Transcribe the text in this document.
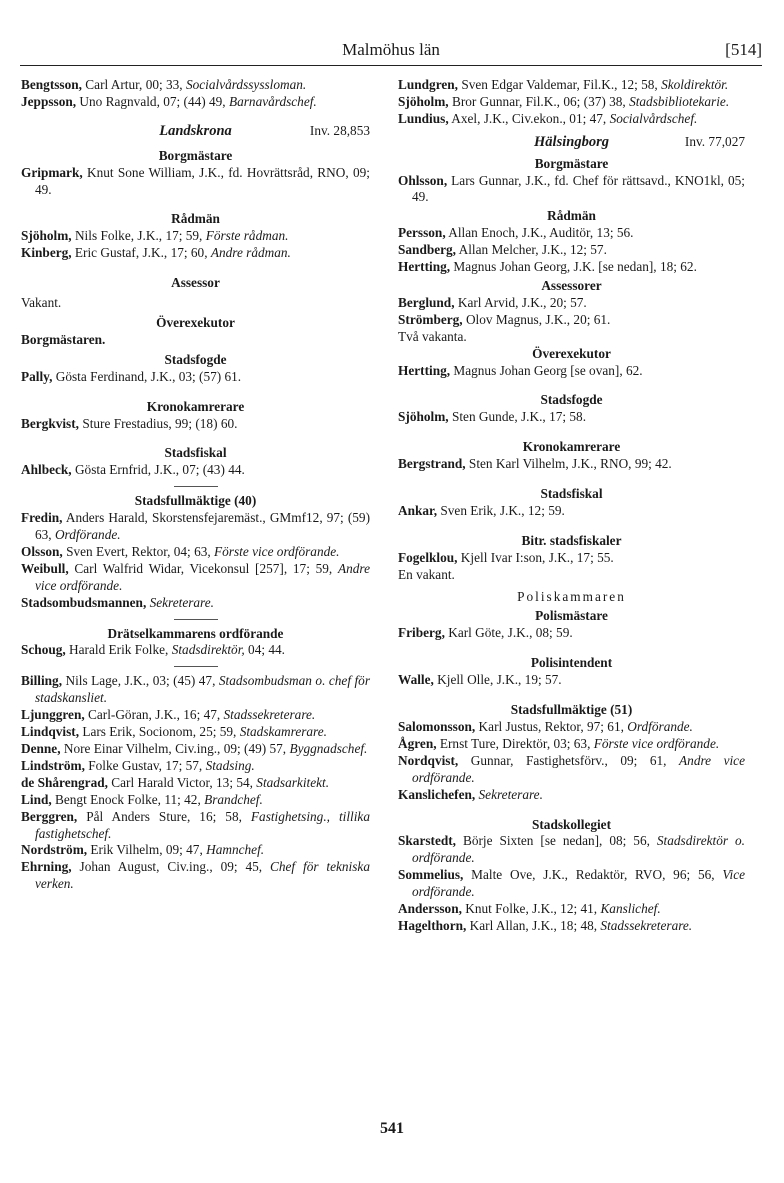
Malmöhus län	[514]

Bengtsson, Carl Artur, 00; 33, Socialvårdssyssloman.

Jeppsson, Uno Ragnvald, 07; (44) 49, Barnavårdschef.

Landskrona	Inv. 28,853

Borgmästare

Gripmark, Knut Sone William, J.K., fd. Hovrättsråd, RNO, 09; 49.

Rådmän

Sjöholm, Nils Folke, J.K., 17; 59, Förste rådman.

Kinberg, Eric Gustaf, J.K., 17; 60, Andre rådman.

Assessor

Vakant.

Överexekutor

Borgmästaren.

Stadsfogde

Pally, Gösta Ferdinand, J.K., 03; (57) 61.

Kronokamrerare

Bergkvist, Sture Frestadius, 99; (18) 60.

Stadsfiskal

Ahlbeck, Gösta Ernfrid, J.K., 07; (43) 44.

Stadsfullmäktige (40)

Fredin, Anders Harald, Skorstensfejaremäst., GMmf12, 97; (59) 63, Ordförande.

Olsson, Sven Evert, Rektor, 04; 63, Förste vice ordförande.

Weibull, Carl Walfrid Widar, Vicekonsul [257], 17; 59, Andre vice ordförande.

Stadsombudsmannen, Sekreterare.

Drätselkammarens ordförande

Schoug, Harald Erik Folke, Stadsdirektör, 04; 44.

Billing, Nils Lage, J.K., 03; (45) 47, Stadsombudsman o. chef för stadskansliet.

Ljunggren, Carl-Göran, J.K., 16; 47, Stadssekreterare.

Lindqvist, Lars Erik, Socionom, 25; 59, Stadskamrerare.

Denne, Nore Einar Vilhelm, Civ.ing., 09; (49) 57, Byggnadschef.

Lindström, Folke Gustav, 17; 57, Stadsing.

de Shårengrad, Carl Harald Victor, 13; 54, Stadsarkitekt.

Lind, Bengt Enock Folke, 11; 42, Brandchef.

Berggren, Pål Anders Sture, 16; 58, Fastighetsing., tillika fastighetschef.

Nordström, Erik Vilhelm, 09; 47, Hamnchef.

Ehrning, Johan August, Civ.ing., 09; 45, Chef för tekniska verken.

Lundgren, Sven Edgar Valdemar, Fil.K., 12; 58, Skoldirektör.

Sjöholm, Bror Gunnar, Fil.K., 06; (37) 38, Stadsbibliotekarie.

Lundius, Axel, J.K., Civ.ekon., 01; 47, Socialvårdschef.

Hälsingborg	Inv. 77,027

Borgmästare

Ohlsson, Lars Gunnar, J.K., fd. Chef för rättsavd., KNO1kl, 05; 49.

Rådmän

Persson, Allan Enoch, J.K., Auditör, 13; 56.

Sandberg, Allan Melcher, J.K., 12; 57.

Hertting, Magnus Johan Georg, J.K. [se nedan], 18; 62.

Assessorer

Berglund, Karl Arvid, J.K., 20; 57.

Strömberg, Olov Magnus, J.K., 20; 61.

Två vakanta.

Överexekutor

Hertting, Magnus Johan Georg [se ovan], 62.

Stadsfogde

Sjöholm, Sten Gunde, J.K., 17; 58.

Kronokamrerare

Bergstrand, Sten Karl Vilhelm, J.K., RNO, 99; 42.

Stadsfiskal

Ankar, Sven Erik, J.K., 12; 59.

Bitr. stadsfiskaler

Fogelklou, Kjell Ivar I:son, J.K., 17; 55.

En vakant.

Poliskammaren

Polismästare

Friberg, Karl Göte, J.K., 08; 59.

Polisintendent

Walle, Kjell Olle, J.K., 19; 57.

Stadsfullmäktige (51)

Salomonsson, Karl Justus, Rektor, 97; 61, Ordförande.

Ågren, Ernst Ture, Direktör, 03; 63, Förste vice ordförande.

Nordqvist, Gunnar, Fastighetsförv., 09; 61, Andre vice ordförande.

Kanslichefen, Sekreterare.

Stadskollegiet

Skarstedt, Börje Sixten [se nedan], 08; 56, Stadsdirektör o. ordförande.

Sommelius, Malte Ove, J.K., Redaktör, RVO, 96; 56, Vice ordförande.

Andersson, Knut Folke, J.K., 12; 41, Kanslichef.

Hagelthorn, Karl Allan, J.K., 18; 48, Stadssekreterare.

541
